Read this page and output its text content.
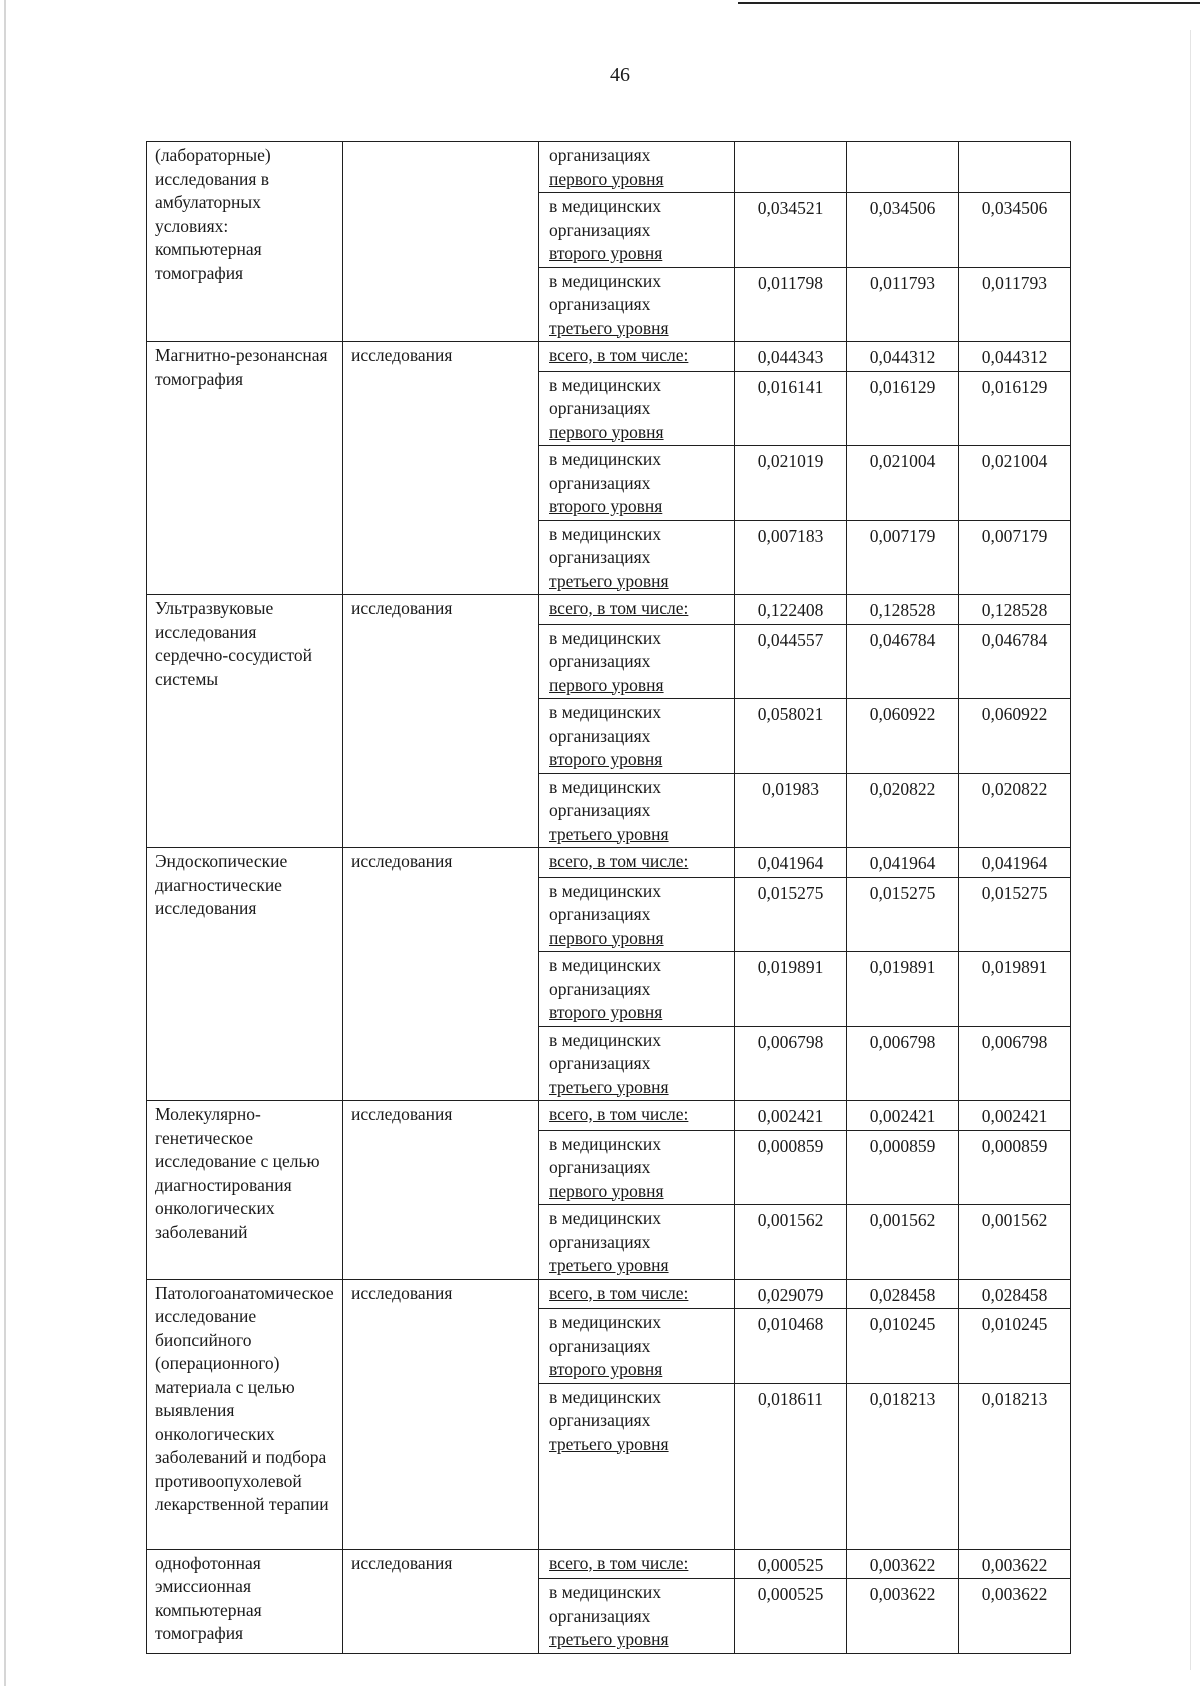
46
(лабораторные) исследования в амбулаторных условиях: компьютерная томография		организациях
первого уровня			

		в медицинских
организациях
второго уровня	0,034521	0,034506	0,034506

		в медицинских
организациях
третьего уровня	0,011798	0,011793	0,011793
Магнитно-резонансная томография	исследования	всего, в том числе:	0,044343	0,044312	0,044312

		в медицинских
организациях
первого уровня	0,016141	0,016129	0,016129

		в медицинских
организациях
второго уровня	0,021019	0,021004	0,021004

		в медицинских
организациях
третьего уровня	0,007183	0,007179	0,007179
Ультразвуковые исследования сердечно-сосудистой системы	исследования	всего, в том числе:	0,122408	0,128528	0,128528

		в медицинских
организациях
первого уровня	0,044557	0,046784	0,046784

		в медицинских
организациях
второго уровня	0,058021	0,060922	0,060922

		в медицинских
организациях
третьего уровня	0,01983	0,020822	0,020822
Эндоскопические диагностические исследования	исследования	всего, в том числе:	0,041964	0,041964	0,041964

		в медицинских
организациях
первого уровня	0,015275	0,015275	0,015275

		в медицинских
организациях
второго уровня	0,019891	0,019891	0,019891

		в медицинских
организациях
третьего уровня	0,006798	0,006798	0,006798
Молекулярно-генетическое исследование с целью диагностирования онкологических заболеваний	исследования	всего, в том числе:	0,002421	0,002421	0,002421

		в медицинских
организациях
первого уровня	0,000859	0,000859	0,000859

		в медицинских
организациях
третьего уровня	0,001562	0,001562	0,001562
Патологоанатомическое исследование биопсийного (операционного) материала с целью выявления онкологических заболеваний и подбора противоопухолевой лекарственной терапии	исследования	всего, в том числе:	0,029079	0,028458	0,028458

		в медицинских
организациях
второго уровня	0,010468	0,010245	0,010245

		в медицинских
организациях
третьего уровня	0,018611	0,018213	0,018213
однофотонная эмиссионная компьютерная томография	исследования	всего, в том числе:	0,000525	0,003622	0,003622

		в медицинских
организациях
третьего уровня	0,000525	0,003622	0,003622
